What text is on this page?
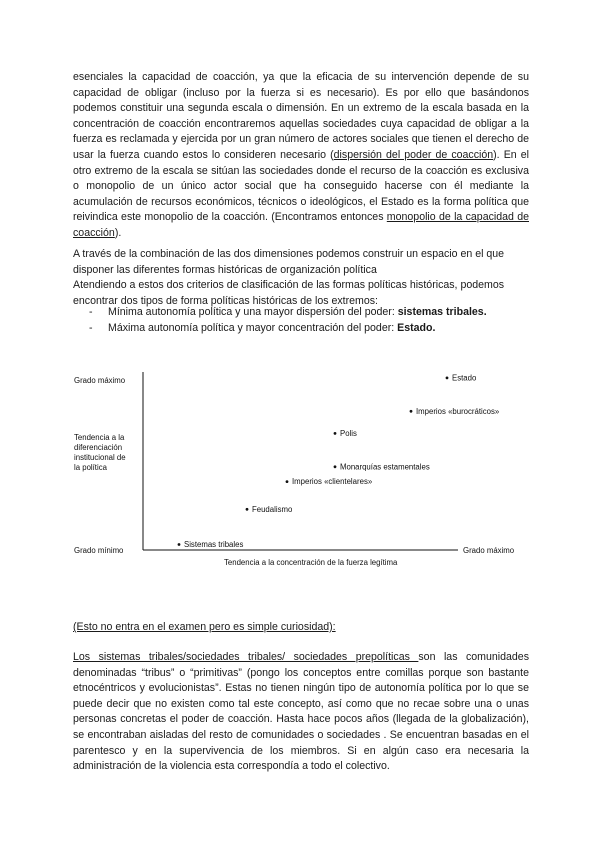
esenciales la capacidad de coacción, ya que la eficacia de su intervención depende de su capacidad de obligar (incluso por la fuerza si es necesario). Es por ello que basándonos podemos constituir una segunda escala o dimensión. En un extremo de la escala basada en la concentración de coacción encontraremos aquellas sociedades cuya capacidad de obligar a la fuerza es reclamada y ejercida por un gran número de actores sociales que tienen el derecho de usar la fuerza cuando estos lo consideren necesario (dispersión del poder de coacción). En el otro extremo de la escala se sitúan las sociedades donde el recurso de la coacción es exclusiva o monopolio de un único actor social que ha conseguido hacerse con él mediante la acumulación de recursos económicos, técnicos o ideológicos, el Estado es la forma política que reivindica este monopolio de la coacción. (Encontramos entonces monopolio de la capacidad de coacción).

A través de la combinación de las dos dimensiones podemos construir un espacio en el que disponer las diferentes formas históricas de organización política
Atendiendo a estos dos criterios de clasificación de las formas políticas históricas, podemos encontrar dos tipos de forma políticas históricas de los extremos:

- Mínima autonomía política y una mayor dispersión del poder: sistemas tribales.
- Máxima autonomía política y mayor concentración del poder: Estado.
Grado máximo
Tendencia a la
diferenciación
institucional de
la política
Grado mínimo	Grado máximo
Tendencia a la concentración de la fuerza legítima
Estado
Imperios «burocráticos»
Polis
Monarquías estamentales
Imperios «clientelares»
Feudalismo
Sistemas tribales

(Esto no entra en el examen pero es simple curiosidad):

Los sistemas tribales/sociedades tribales/ sociedades prepolíticas son las comunidades denominadas “tribus” o “primitivas” (pongo los conceptos entre comillas porque son bastante etnocéntricos y evolucionistas”. Estas no tienen ningún tipo de autonomía política por lo que se puede decir que no existen como tal este concepto, así como que no recae sobre una o unas personas concretas el poder de coacción. Hasta hace pocos años (llegada de la globalización), se encontraban aisladas del resto de comunidades o sociedades . Se encuentran basadas en el parentesco y en la supervivencia de los miembros. Si en algún caso era necesaria la administración de la violencia esta correspondía a todo el colectivo.
